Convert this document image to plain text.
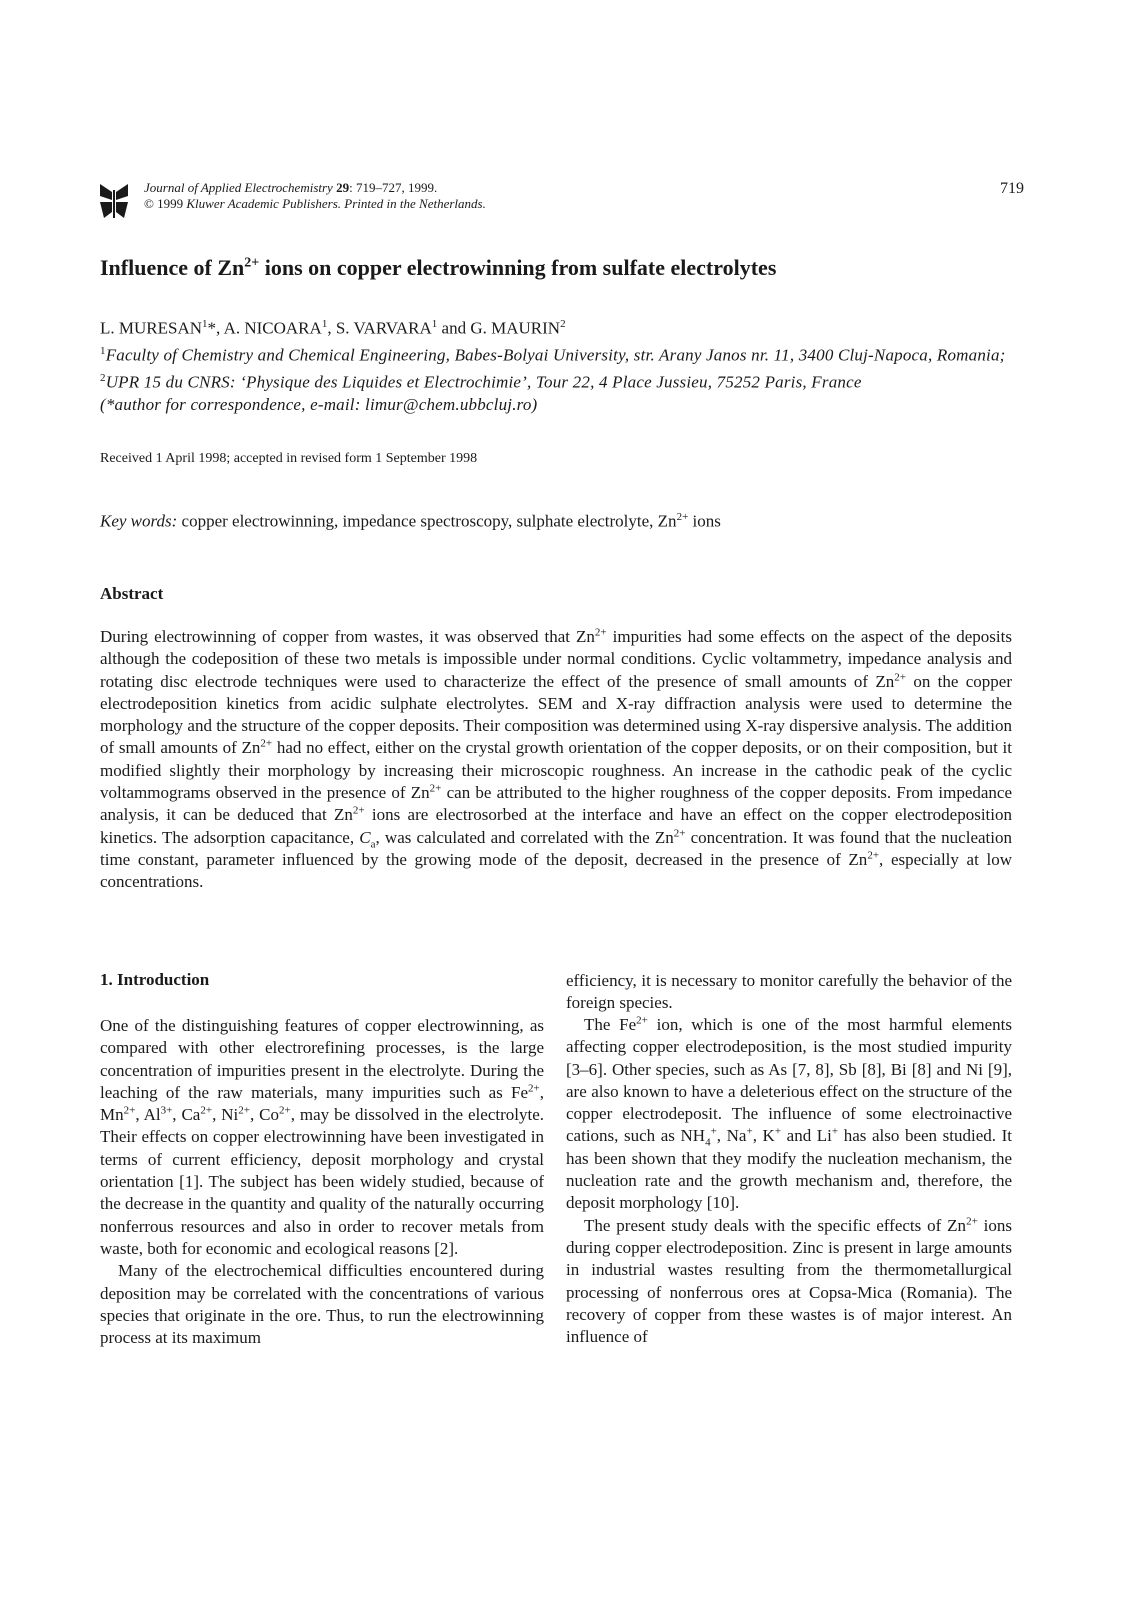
Journal of Applied Electrochemistry 29: 719–727, 1999.
© 1999 Kluwer Academic Publishers. Printed in the Netherlands.
719
Influence of $Zn^{2+}$ ions on copper electrowinning from sulfate electrolytes
L. MURESAN$^1$*, A. NICOARA$^1$, S. VARVARA$^1$ and G. MAURIN$^2$
$^1$Faculty of Chemistry and Chemical Engineering, Babes-Bolyai University, str. Arany Janos nr. 11, 3400 Cluj-Napoca, Romania;
$^2$UPR 15 du CNRS: ‘Physique des Liquides et Electrochimie’, Tour 22, 4 Place Jussieu, 75252 Paris, France
(*author for correspondence, e-mail: limur@chem.ubbcluj.ro)
Received 1 April 1998; accepted in revised form 1 September 1998
Key words: copper electrowinning, impedance spectroscopy, sulphate electrolyte, $Zn^{2+}$ ions
Abstract
During electrowinning of copper from wastes, it was observed that $Zn^{2+}$ impurities had some effects on the aspect of the deposits although the codeposition of these two metals is impossible under normal conditions. Cyclic voltammetry, impedance analysis and rotating disc electrode techniques were used to characterize the effect of the presence of small amounts of $Zn^{2+}$ on the copper electrodeposition kinetics from acidic sulphate electrolytes. SEM and X-ray diffraction analysis were used to determine the morphology and the structure of the copper deposits. Their composition was determined using X-ray dispersive analysis. The addition of small amounts of $Zn^{2+}$ had no effect, either on the crystal growth orientation of the copper deposits, or on their composition, but it modified slightly their morphology by increasing their microscopic roughness. An increase in the cathodic peak of the cyclic voltammograms observed in the presence of $Zn^{2+}$ can be attributed to the higher roughness of the copper deposits. From impedance analysis, it can be deduced that $Zn^{2+}$ ions are electrosorbed at the interface and have an effect on the copper electrodeposition kinetics. The adsorption capacitance, $C_a$, was calculated and correlated with the $Zn^{2+}$ concentration. It was found that the nucleation time constant, parameter influenced by the growing mode of the deposit, decreased in the presence of $Zn^{2+}$, especially at low concentrations.
1. Introduction

One of the distinguishing features of copper electrowinning, as compared with other electrorefining processes, is the large concentration of impurities present in the electrolyte. During the leaching of the raw materials, many impurities such as $Fe^{2+}$, $Mn^{2+}$, $Al^{3+}$, $Ca^{2+}$, $Ni^{2+}$, $Co^{2+}$, may be dissolved in the electrolyte. Their effects on copper electrowinning have been investigated in terms of current efficiency, deposit morphology and crystal orientation [1]. The subject has been widely studied, because of the decrease in the quantity and quality of the naturally occurring nonferrous resources and also in order to recover metals from waste, both for economic and ecological reasons [2].

Many of the electrochemical difficulties encountered during deposition may be correlated with the concentrations of various species that originate in the ore. Thus, to run the electrowinning process at its maximum

efficiency, it is necessary to monitor carefully the behavior of the foreign species.

The $Fe^{2+}$ ion, which is one of the most harmful elements affecting copper electrodeposition, is the most studied impurity [3–6]. Other species, such as As [7, 8], Sb [8], Bi [8] and Ni [9], are also known to have a deleterious effect on the structure of the copper electrodeposit. The influence of some electroinactive cations, such as $NH_4^+$, Na+, K+ and Li+ has also been studied. It has been shown that they modify the nucleation mechanism, the nucleation rate and the growth mechanism and, therefore, the deposit morphology [10].

The present study deals with the specific effects of $Zn^{2+}$ ions during copper electrodeposition. Zinc is present in large amounts in industrial wastes resulting from the thermometallurgical processing of nonferrous ores at Copsa-Mica (Romania). The recovery of copper from these wastes is of major interest. An influence of
